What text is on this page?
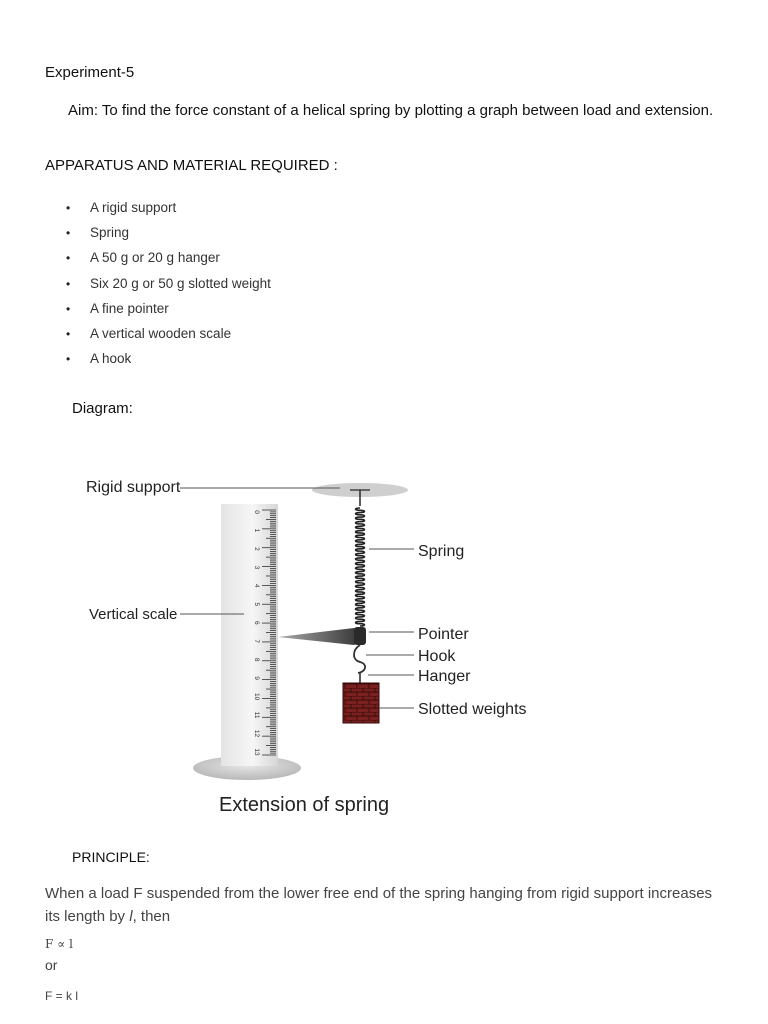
Experiment-5
Aim: To find the force constant of a helical spring by plotting a graph between load and extension.
APPARATUS AND MATERIAL REQUIRED :
• A rigid support
• Spring
• A 50 g or 20 g hanger
• Six 20 g or 50 g slotted weight
• A fine pointer
• A vertical wooden scale
• A hook
Diagram:
0
1
2
3
4
5
6
7
8
9
10
11
12
13
Rigid support
Vertical scale
Spring
Pointer
Hook
Hanger
Slotted weights
Extension of spring
PRINCIPLE:
When a load F suspended from the lower free end of the spring hanging from rigid support increases its length by l, then
F ∝ l
or
F = k l
